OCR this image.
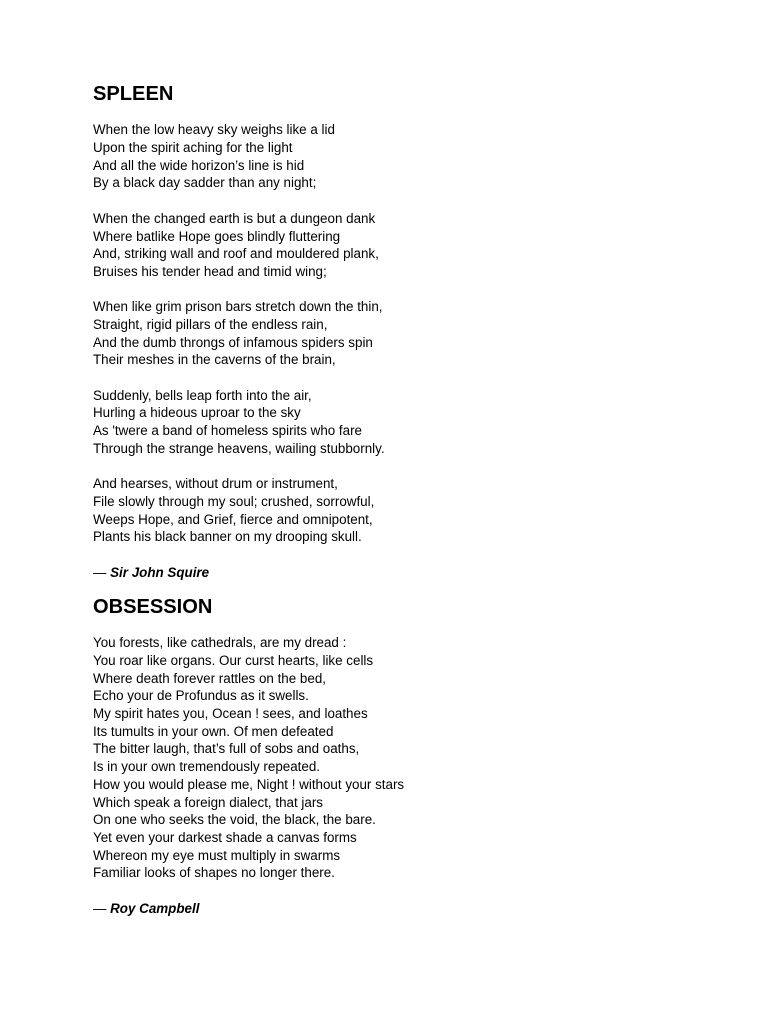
SPLEEN
When the low heavy sky weighs like a lid
Upon the spirit aching for the light
And all the wide horizon’s line is hid
By a black day sadder than any night;
When the changed earth is but a dungeon dank
Where batlike Hope goes blindly fluttering
And, striking wall and roof and mouldered plank,
Bruises his tender head and timid wing;
When like grim prison bars stretch down the thin,
Straight, rigid pillars of the endless rain,
And the dumb throngs of infamous spiders spin
Their meshes in the caverns of the brain,
Suddenly, bells leap forth into the air,
Hurling a hideous uproar to the sky
As 'twere a band of homeless spirits who fare
Through the strange heavens, wailing stubbornly.
And hearses, without drum or instrument,
File slowly through my soul; crushed, sorrowful,
Weeps Hope, and Grief, fierce and omnipotent,
Plants his black banner on my drooping skull.

— Sir John Squire

OBSESSION
You forests, like cathedrals, are my dread :
You roar like organs. Our curst hearts, like cells
Where death forever rattles on the bed,
Echo your de Profundus as it swells.
My spirit hates you, Ocean ! sees, and loathes
Its tumults in your own. Of men defeated
The bitter laugh, that’s full of sobs and oaths,
Is in your own tremendously repeated.
How you would please me, Night ! without your stars
Which speak a foreign dialect, that jars
On one who seeks the void, the black, the bare.
Yet even your darkest shade a canvas forms
Whereon my eye must multiply in swarms
Familiar looks of shapes no longer there.

— Roy Campbell
